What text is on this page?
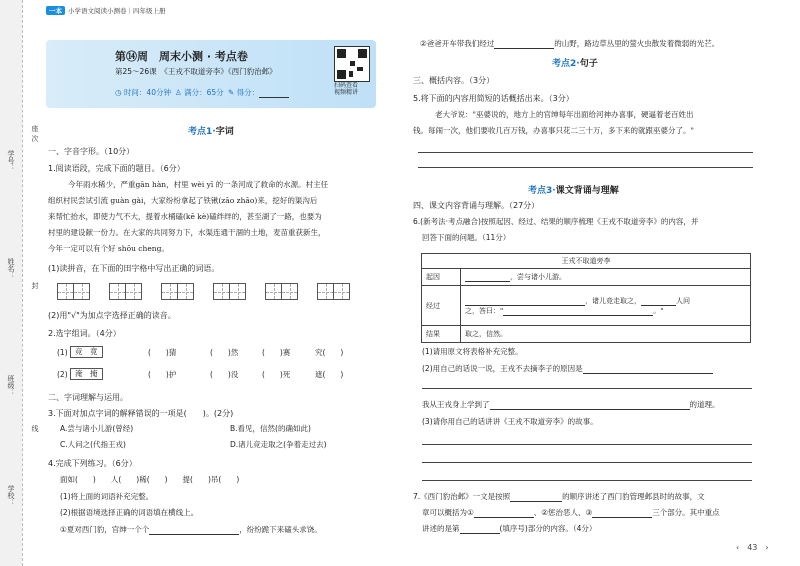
学号：
姓名：
班级：
学校：
座
次
封
线
一本 小学语文阅读小测卷｜四年级上册
第⑭周　周末小测 · 考点卷
第25～26课　《王戎不取道旁李》《西门豹治邺》
◷ 时间：40分钟 ♙ 满分：65分 ✎ 得分：
扫码查看
视频精讲
考点1·字词
一、字音字形。（10分）
1.阅读语段，完成下面的题目。（6分）
今年雨水稀少，严重gān hàn，村里 wèi yī 的一条河成了救命的水源。村主任
组织村民尝试引流 guàn gài，大家纷纷拿起了铁锹(zāo zhāo)来，挖好的渠沟后
来帮忙抬水，即使力气不大，提着水桶磕(kē kè)磕绊绊的，甚至湖了一路，也要为
村里的建设献一份力。在大家的共同努力下，水渠连通干涸的土地，麦苗重获新生，
今年一定可以有个好 shōu cheng。
(1)读拼音，在下面的田字格中写出正确的词语。
(2)用"√"为加点字选择正确的读音。
2.选字组词。（4分）
(1) 竞　竟	(　　)猜	(　　)然	(　　)赛	究(　　)
(2) 淹　掩	(　　)护	(　　)没	(　　)死	遮(　　)
二、字词理解与运用。
3.下面对加点字词的解释错误的一项是(　　)。(2分)
A.尝与诸小儿游(曾经)	B.看见，信然(的确如此)
C.人问之(代指王戎)	D.诸儿竞走取之(争着走过去)
4.完成下列练习。（6分）
面如(　　)　　人(　　)稀(　　)　　提(　　)吊(　　)
(1)将上面的词语补充完整。
(2)根据语境选择正确的词语填在横线上。
①夏对西门豹，官绅一个个	，纷纷跪下来磕头求饶。
②爸爸开车带我们经过	的山野，路边草丛里的萤火虫散发着微弱的光芒。
考点2·句子
三、概括内容。（3分）
5.将下面的内容用简短的话概括出来。（3分）
老大爷说："巫婆说的，地方上的官绅每年出面给河神办喜事，硬逼着老百姓出
钱。每闹一次，他们要收几百万钱，办喜事只花二三十万，多下来的就跟巫婆分了。"
考点3·课文背诵与理解
四、课文内容背诵与理解。（27分）
6.(新考法·考点融合)按照起因、经过、结果的顺序梳理《王戎不取道旁李》的内容，并
回答下面的问题。（11分）
王戎不取道旁李	
起因	，尝与诸小儿游。
经过	，诸儿竞走取之， 人问
之，答曰：" 。"

结果	取之，信然。
(1)请用原文将表格补充完整。
(2)用自己的话说一说，王戎不去摘李子的原因是
我从王戎身上学到了	的道理。
(3)请你用自己的话讲讲《王戎不取道旁李》的故事。
7.《西门豹治邺》一文是按照	的顺序讲述了西门豹管理邺县时的故事，文
章可以概括为①	、②惩治恶人、③	三个部分。其中重点
讲述的是第	(填序号)部分的内容。（4分）
‹　43　›
